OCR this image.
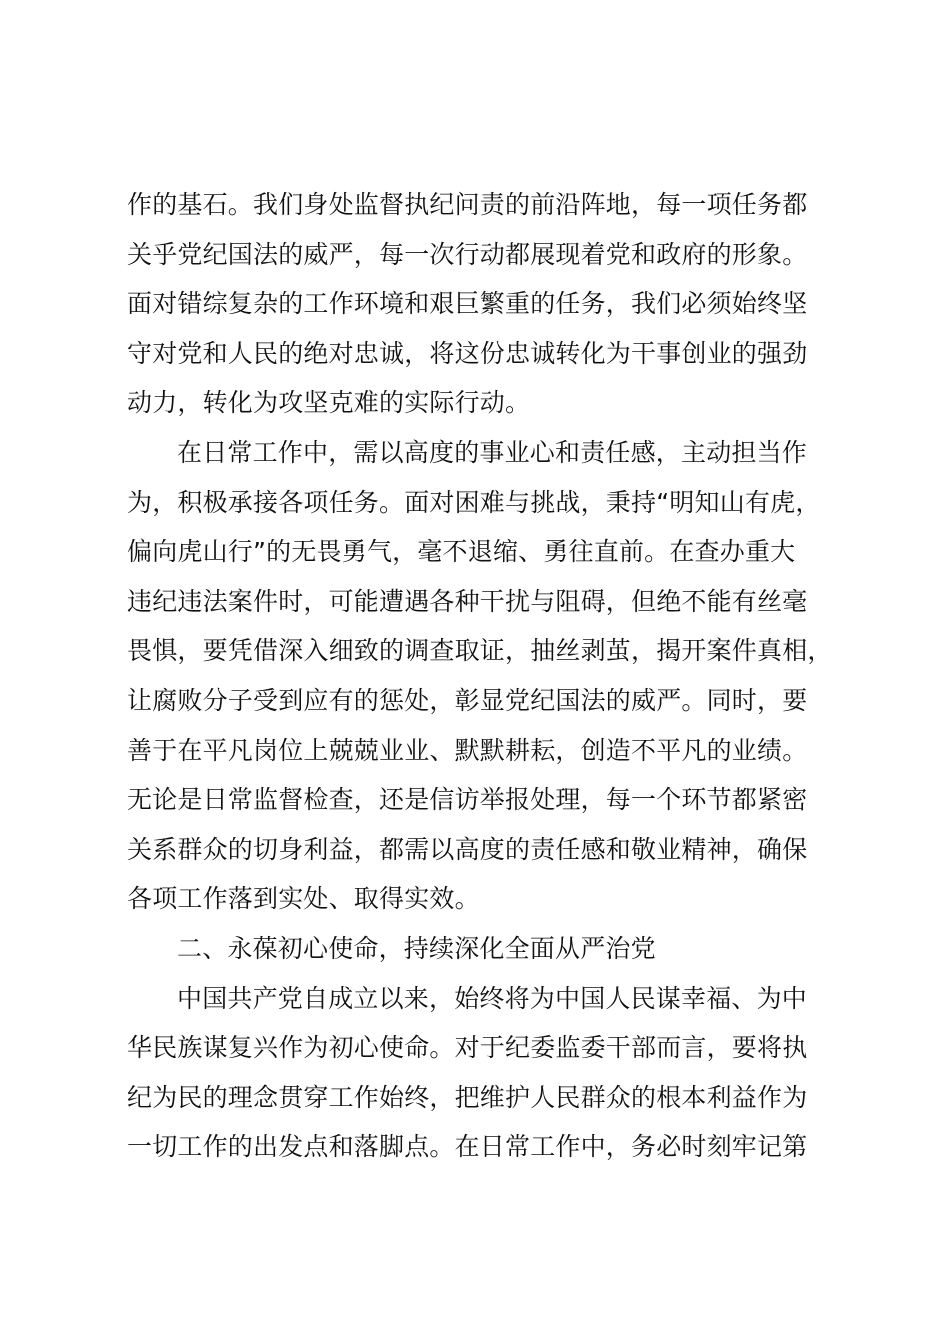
作的基石。我们身处监督执纪问责的前沿阵地，每一项任务都
关乎党纪国法的威严，每一次行动都展现着党和政府的形象。
面对错综复杂的工作环境和艰巨繁重的任务，我们必须始终坚
守对党和人民的绝对忠诚，将这份忠诚转化为干事创业的强劲
动力，转化为攻坚克难的实际行动。
在日常工作中，需以高度的事业心和责任感，主动担当作
为，积极承接各项任务。面对困难与挑战，秉持“明知山有虎，
偏向虎山行”的无畏勇气，毫不退缩、勇往直前。在查办重大
违纪违法案件时，可能遭遇各种干扰与阻碍，但绝不能有丝毫
畏惧，要凭借深入细致的调查取证，抽丝剥茧，揭开案件真相，
让腐败分子受到应有的惩处，彰显党纪国法的威严。同时，要
善于在平凡岗位上兢兢业业、默默耕耘，创造不平凡的业绩。
无论是日常监督检查，还是信访举报处理，每一个环节都紧密
关系群众的切身利益，都需以高度的责任感和敬业精神，确保
各项工作落到实处、取得实效。
二、永葆初心使命，持续深化全面从严治党
中国共产党自成立以来，始终将为中国人民谋幸福、为中
华民族谋复兴作为初心使命。对于纪委监委干部而言，要将执
纪为民的理念贯穿工作始终，把维护人民群众的根本利益作为
一切工作的出发点和落脚点。在日常工作中，务必时刻牢记第
